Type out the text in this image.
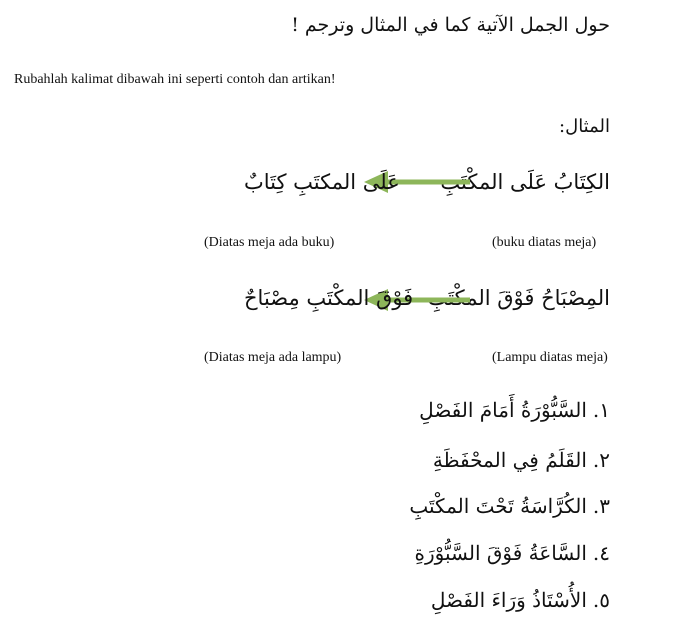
حول الجمل الآتية كما في المثال وترجم !
Rubahlah kalimat dibawah ini seperti contoh dan artikan!
المثال:
الكِتَابُ عَلَى المكْتَبِ
عَلَى المكتَبِ كِتَابٌ
(Diatas meja ada buku)	(buku diatas meja)
المِصْبَاحُ فَوْقَ المكْتَبِ
فَوْقَ المكْتَبِ مِصْبَاحٌ
(Diatas meja ada lampu)	(Lampu diatas meja)
١.السَّبُّوْرَةُ أَمَامَ الفَصْلِ
٢.القَلَمُ فِي المحْفَظَةِ
٣.الكُرَّاسَةُ تَحْتَ المكْتَبِ
٤.السَّاعَةُ فَوْقَ السَّبُّوْرَةِ
٥.الأُسْتَاذُ وَرَاءَ الفَصْلِ
